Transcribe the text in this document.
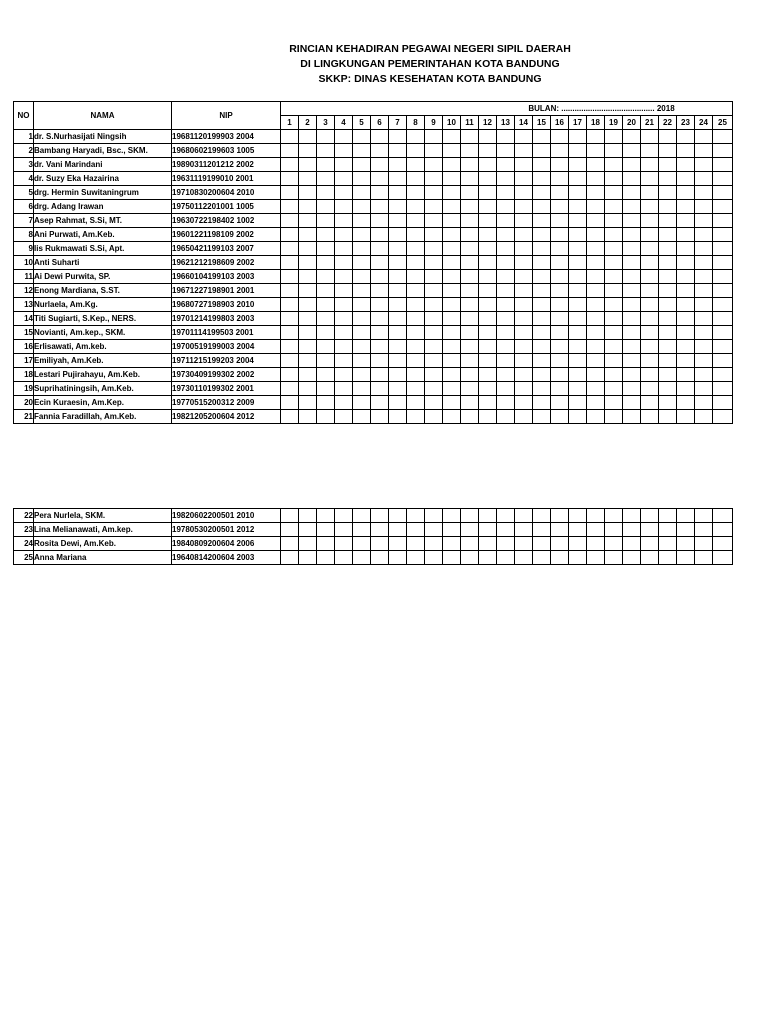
RINCIAN KEHADIRAN PEGAWAI NEGERI SIPIL DAERAH
DI LINGKUNGAN PEMERINTAHAN KOTA BANDUNG
SKKP: DINAS KESEHATAN KOTA BANDUNG
NO	NAMA	NIP	BULAN: .......................................... 2018																								
			1	2	3	4	5	6	7	8	9	10	11	12	13	14	15	16	17	18	19	20	21	22	23	24	25
1	dr. S.Nurhasijati Ningsih	19681120199903 2004																									
2	Bambang Haryadi, Bsc., SKM.	19680602199603 1005																									
3	dr. Vani Marindani	19890311201212 2002																									
4	dr. Suzy Eka Hazairina	19631119199010 2001																									
5	drg. Hermin Suwitaningrum	19710830200604 2010																									
6	drg. Adang Irawan	19750112201001 1005																									
7	Asep Rahmat, S.Si, MT.	19630722198402 1002																									
8	Ani Purwati, Am.Keb.	19601221198109 2002																									
9	Iis Rukmawati S.Si, Apt.	19650421199103 2007																									
10	Anti Suharti	19621212198609 2002																									
11	Ai Dewi Purwita, SP.	19660104199103 2003																									
12	Enong Mardiana, S.ST.	19671227198901 2001																									
13	Nurlaela, Am.Kg.	19680727198903 2010																									
14	Titi Sugiarti, S.Kep., NERS.	19701214199803 2003																									
15	Novianti, Am.kep., SKM.	19701114199503 2001																									
16	Erlisawati, Am.keb.	19700519199003 2004																									
17	Emiliyah, Am.Keb.	19711215199203 2004																									
18	Lestari Pujirahayu, Am.Keb.	19730409199302 2002																									
19	Suprihatiningsih, Am.Keb.	19730110199302 2001																									
20	Ecin Kuraesin, Am.Kep.	19770515200312 2009																									
21	Fannia Faradillah, Am.Keb.	19821205200604 2012																									
22	Pera Nurlela, SKM.	19820602200501 2010																									
23	Lina Melianawati, Am.kep.	19780530200501 2012																									
24	Rosita Dewi, Am.Keb.	19840809200604 2006																									
25	Anna Mariana	19640814200604 2003																									
